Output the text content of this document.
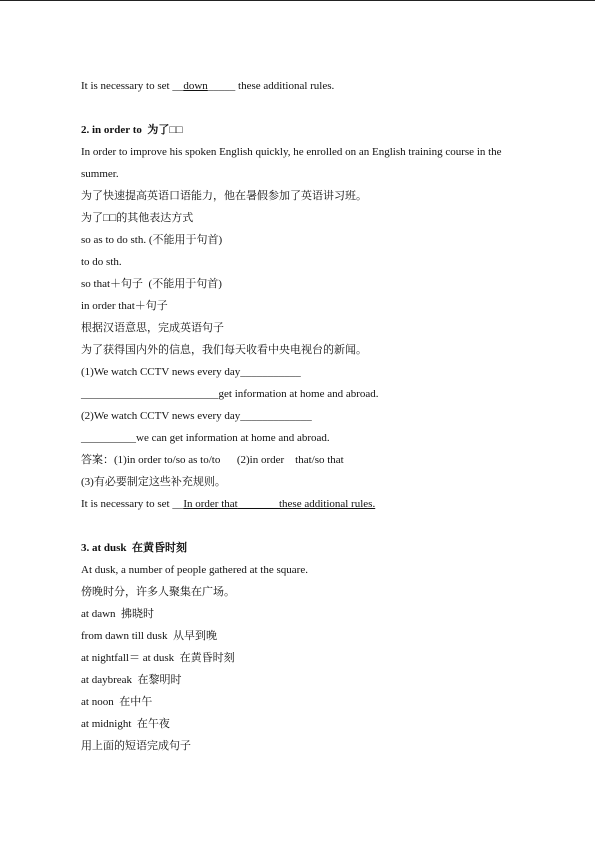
It is necessary to set __down_____ these additional rules.
2. in order to  为了□□
In order to improve his spoken English quickly, he enrolled on an English training course in the
summer.
为了快速提高英语口语能力，他在暑假参加了英语讲习班。
为了□□的其他表达方式
so as to do sth. (不能用于句首)
to do sth.
so that＋句子  (不能用于句首)
in order that＋句子
根据汉语意思，完成英语句子
为了获得国内外的信息，我们每天收看中央电视台的新闻。
(1)We watch CCTV news every day___________
_________________________get information at home and abroad.
(2)We watch CCTV news every day_____________
__________we can get information at home and abroad.
答案：(1)in order to/so as to/to      (2)in order    that/so that
(3)有必要制定这些补充规则。
It is necessary to set __In order that_______ these additional rules.
3. at dusk  在黄昏时刻
At dusk, a number of people gathered at the square.
傍晚时分，许多人聚集在广场。
at dawn  拂晓时
from dawn till dusk  从早到晚
at nightfall＝ at dusk  在黄昏时刻
at daybreak  在黎明时
at noon  在中午
at midnight  在午夜
用上面的短语完成句子
